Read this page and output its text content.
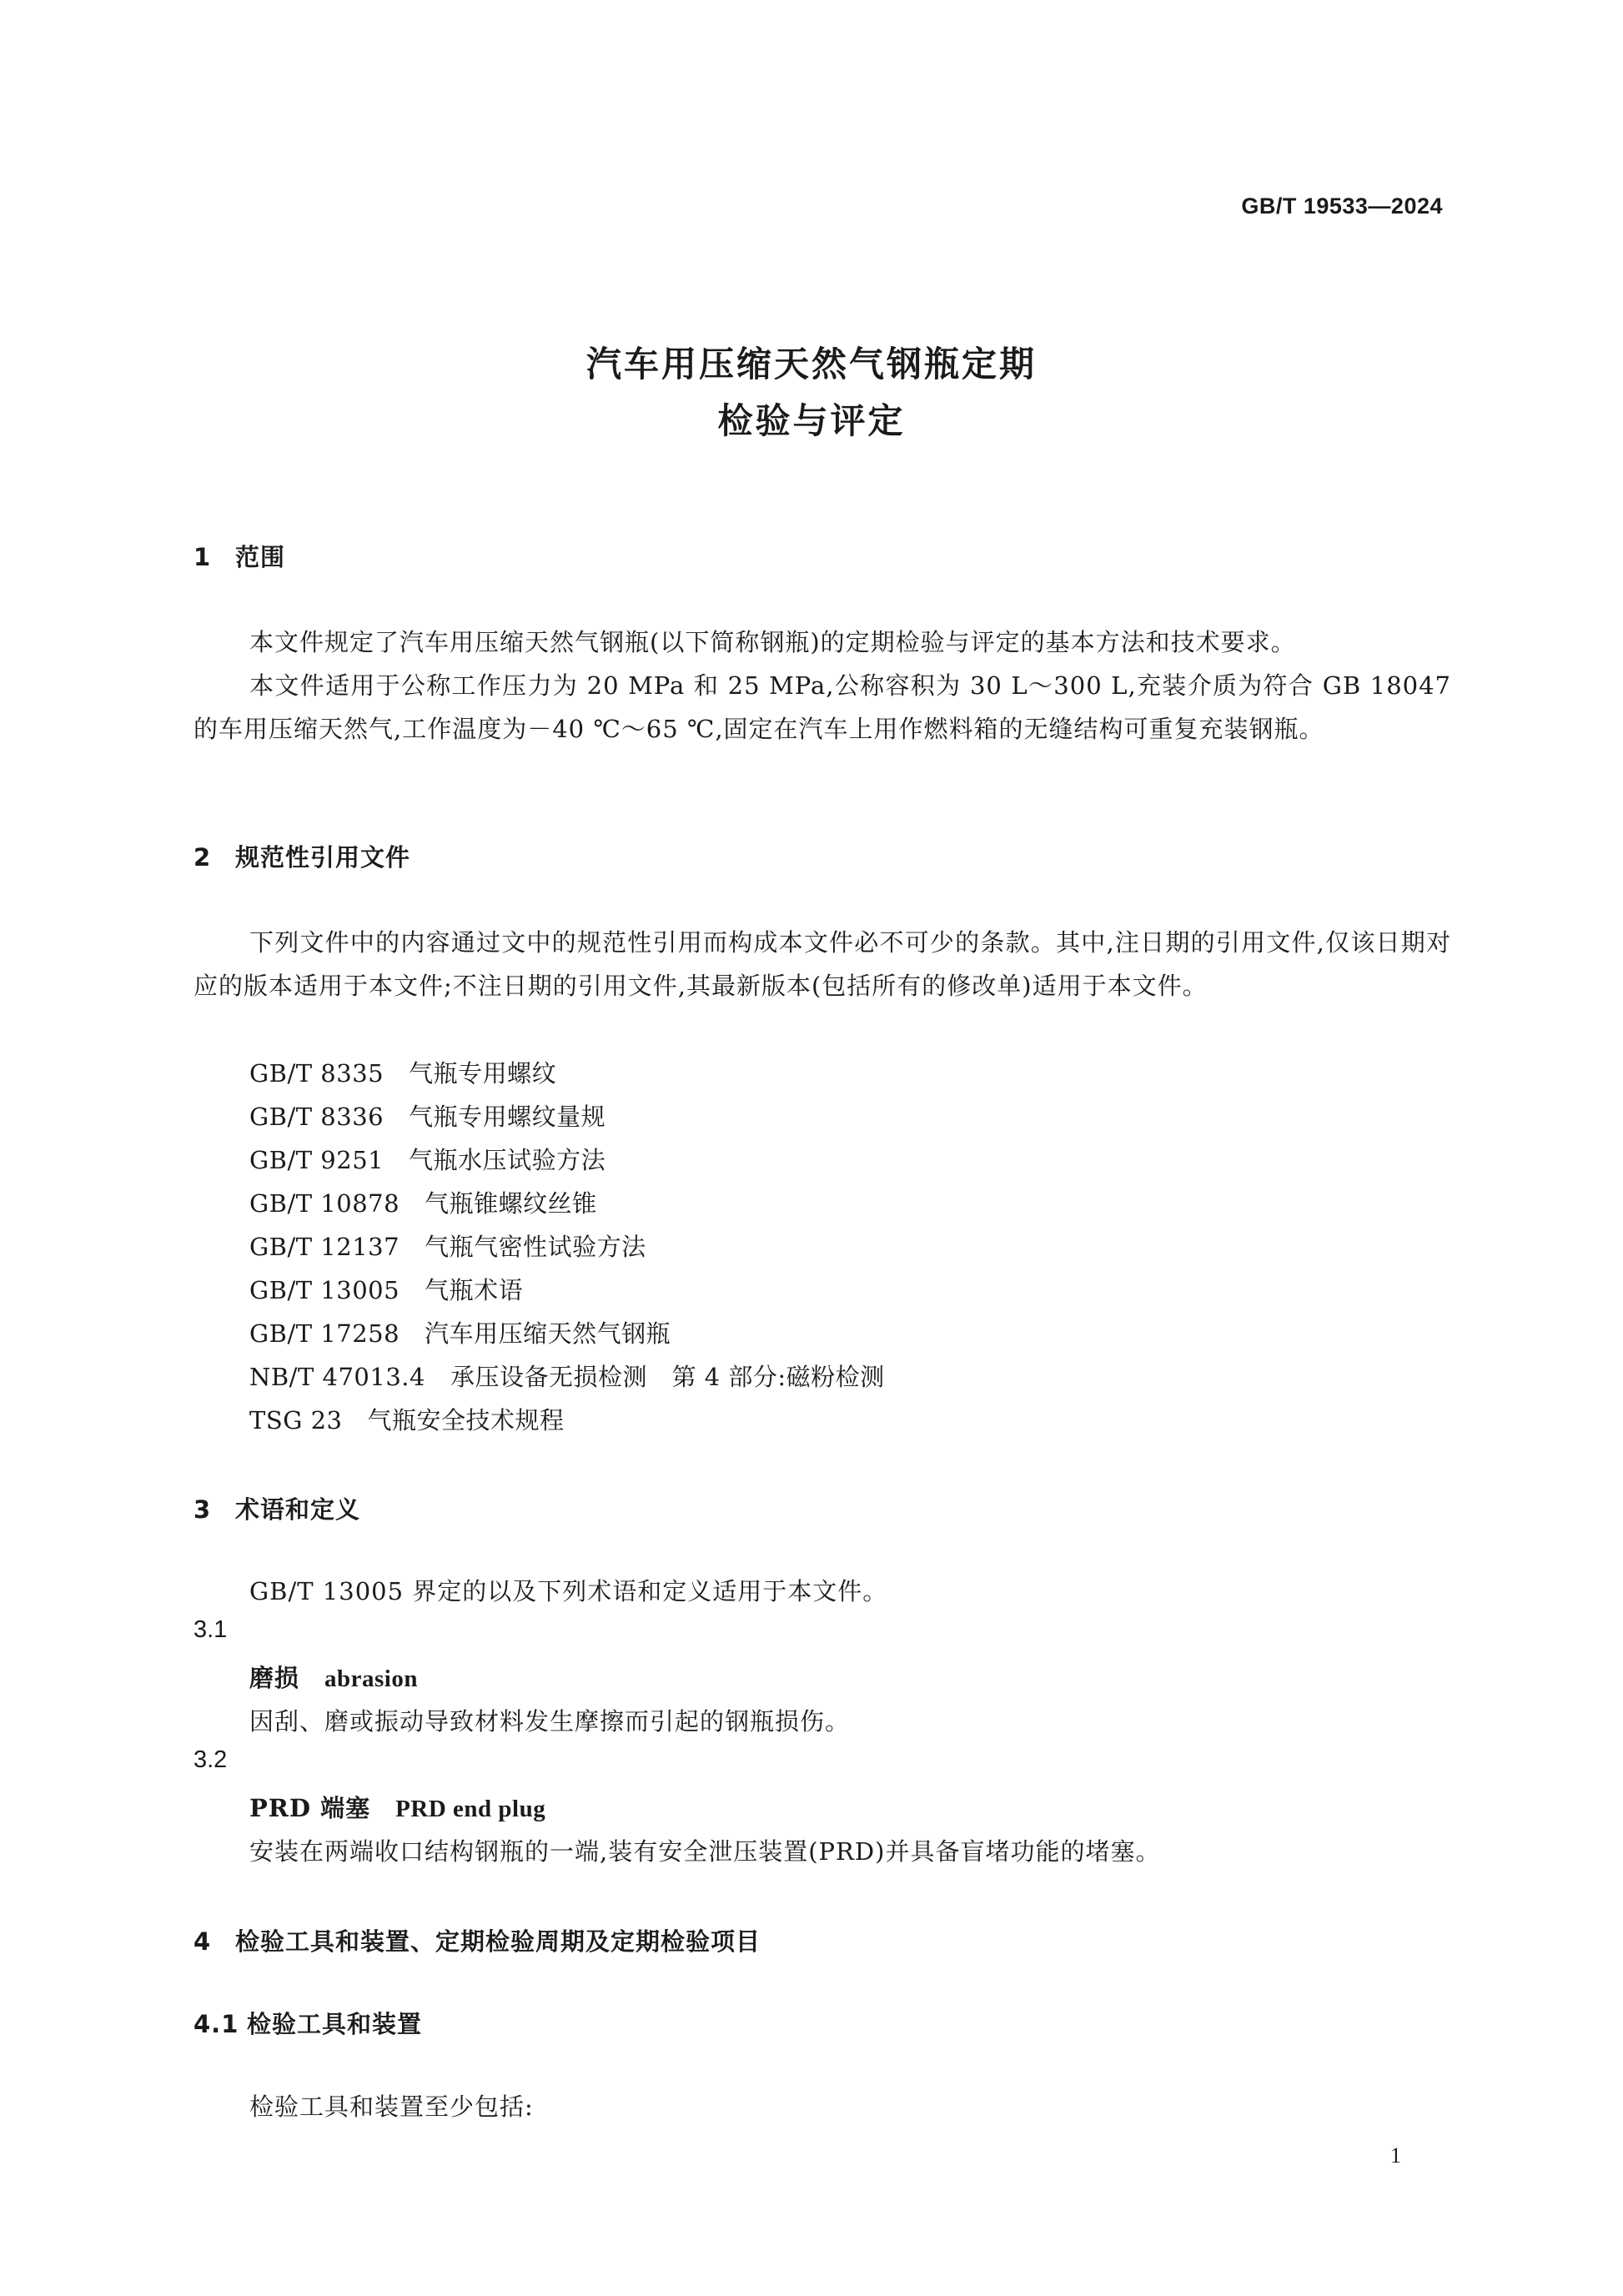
GB/T 19533—2024
汽车用压缩天然气钢瓶定期
检验与评定
1 范围
本文件规定了汽车用压缩天然气钢瓶(以下简称钢瓶)的定期检验与评定的基本方法和技术要求。
本文件适用于公称工作压力为 20 MPa 和 25 MPa,公称容积为 30 L～300 L,充装介质为符合 GB 18047 的车用压缩天然气,工作温度为－40 ℃～65 ℃,固定在汽车上用作燃料箱的无缝结构可重复充装钢瓶。
2 规范性引用文件
下列文件中的内容通过文中的规范性引用而构成本文件必不可少的条款。其中,注日期的引用文件,仅该日期对应的版本适用于本文件;不注日期的引用文件,其最新版本(包括所有的修改单)适用于本文件。
GB/T 8335 气瓶专用螺纹
GB/T 8336 气瓶专用螺纹量规
GB/T 9251 气瓶水压试验方法
GB/T 10878 气瓶锥螺纹丝锥
GB/T 12137 气瓶气密性试验方法
GB/T 13005 气瓶术语
GB/T 17258 汽车用压缩天然气钢瓶
NB/T 47013.4 承压设备无损检测　第 4 部分:磁粉检测
TSG 23 气瓶安全技术规程
3 术语和定义
GB/T 13005 界定的以及下列术语和定义适用于本文件。
3.1
磨损 abrasion
因刮、磨或振动导致材料发生摩擦而引起的钢瓶损伤。
3.2
PRD 端塞 PRD end plug
安装在两端收口结构钢瓶的一端,装有安全泄压装置(PRD)并具备盲堵功能的堵塞。
4 检验工具和装置、定期检验周期及定期检验项目
4.1 检验工具和装置
检验工具和装置至少包括:
1
